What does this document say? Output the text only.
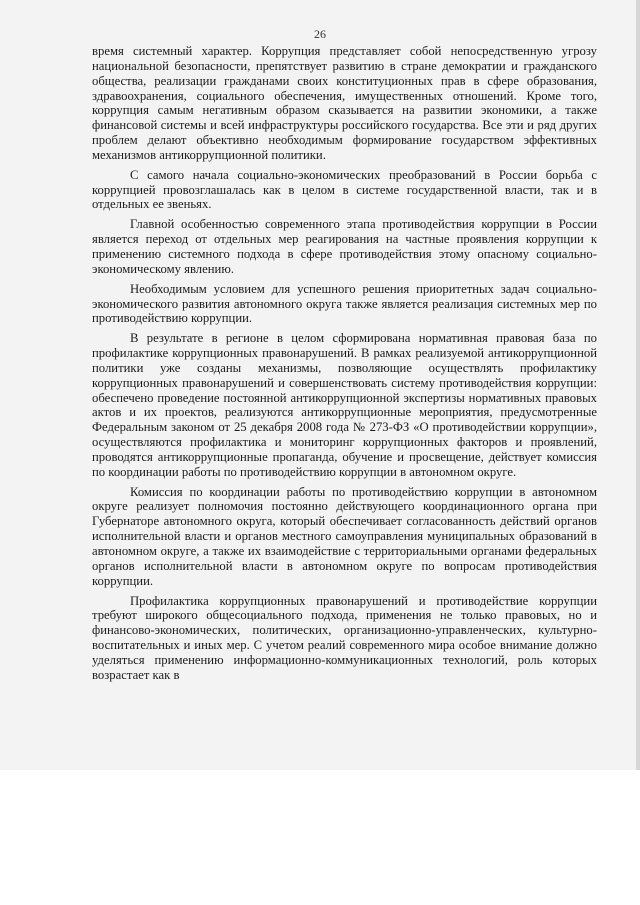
26

время системный характер. Коррупция представляет собой непосредственную угрозу национальной безопасности, препятствует развитию в стране демократии и гражданского общества, реализации гражданами своих конституционных прав в сфере образования, здравоохранения, социального обеспечения, имущественных отношений. Кроме того, коррупция самым негативным образом сказывается на развитии экономики, а также финансовой системы и всей инфраструктуры российского государства. Все эти и ряд других проблем делают объективно необходимым формирование государством эффективных механизмов антикоррупционной политики.

С самого начала социально-экономических преобразований в России борьба с коррупцией провозглашалась как в целом в системе государственной власти, так и в отдельных ее звеньях.

Главной особенностью современного этапа противодействия коррупции в России является переход от отдельных мер реагирования на частные проявления коррупции к применению системного подхода в сфере противодействия этому опасному социально-экономическому явлению.

Необходимым условием для успешного решения приоритетных задач социально-экономического развития автономного округа также является реализация системных мер по противодействию коррупции.

В результате в регионе в целом сформирована нормативная правовая база по профилактике коррупционных правонарушений. В рамках реализуемой антикоррупционной политики уже созданы механизмы, позволяющие осуществлять профилактику коррупционных правонарушений и совершенствовать систему противодействия коррупции: обеспечено проведение постоянной антикоррупционной экспертизы нормативных правовых актов и их проектов, реализуются антикоррупционные мероприятия, предусмотренные Федеральным законом от 25 декабря 2008 года № 273-ФЗ «О противодействии коррупции», осуществляются профилактика и мониторинг коррупционных факторов и проявлений, проводятся антикоррупционные пропаганда, обучение и просвещение, действует комиссия по координации работы по противодействию коррупции в автономном округе.

Комиссия по координации работы по противодействию коррупции в автономном округе реализует полномочия постоянно действующего координационного органа при Губернаторе автономного округа, который обеспечивает согласованность действий органов исполнительной власти и органов местного самоуправления муниципальных образований в автономном округе, а также их взаимодействие с территориальными органами федеральных органов исполнительной власти в автономном округе по вопросам противодействия коррупции.

Профилактика коррупционных правонарушений и противодействие коррупции требуют широкого общесоциального подхода, применения не только правовых, но и финансово-экономических, политических, организационно-управленческих, культурно-воспитательных и иных мер. С учетом реалий современного мира особое внимание должно уделяться применению информационно-коммуникационных технологий, роль которых возрастает как в
